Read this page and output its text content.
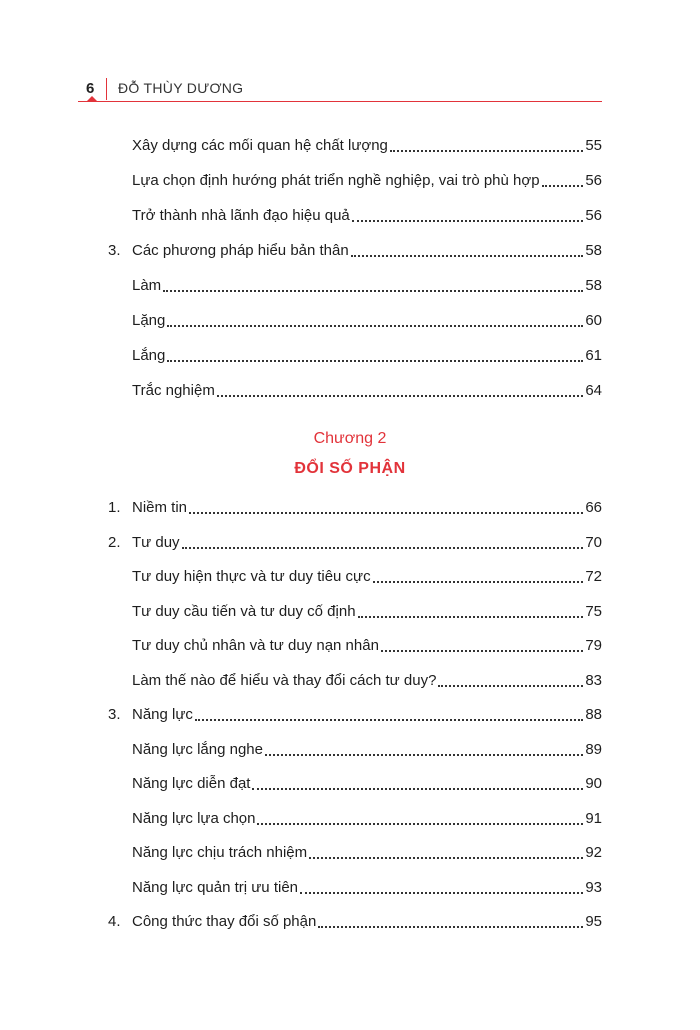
6 ĐỖ THÙY DƯƠNG
Xây dựng các mối quan hệ chất lượng	55
Lựa chọn định hướng phát triển nghề nghiệp, vai trò phù hợp	56
Trở thành nhà lãnh đạo hiệu quả	56
3. Các phương pháp hiểu bản thân	58
Làm	58
Lặng	60
Lắng	61
Trắc nghiệm	64
Chương 2
ĐỔI SỐ PHẬN
1. Niềm tin	66
2. Tư duy	70
Tư duy hiện thực và tư duy tiêu cực	72
Tư duy cầu tiến và tư duy cố định	75
Tư duy chủ nhân và tư duy nạn nhân	79
Làm thế nào để hiểu và thay đổi cách tư duy?	83
3. Năng lực	88
Năng lực lắng nghe	89
Năng lực diễn đạt	90
Năng lực lựa chọn	91
Năng lực chịu trách nhiệm	92
Năng lực quản trị ưu tiên	93
4. Công thức thay đổi số phận	95
